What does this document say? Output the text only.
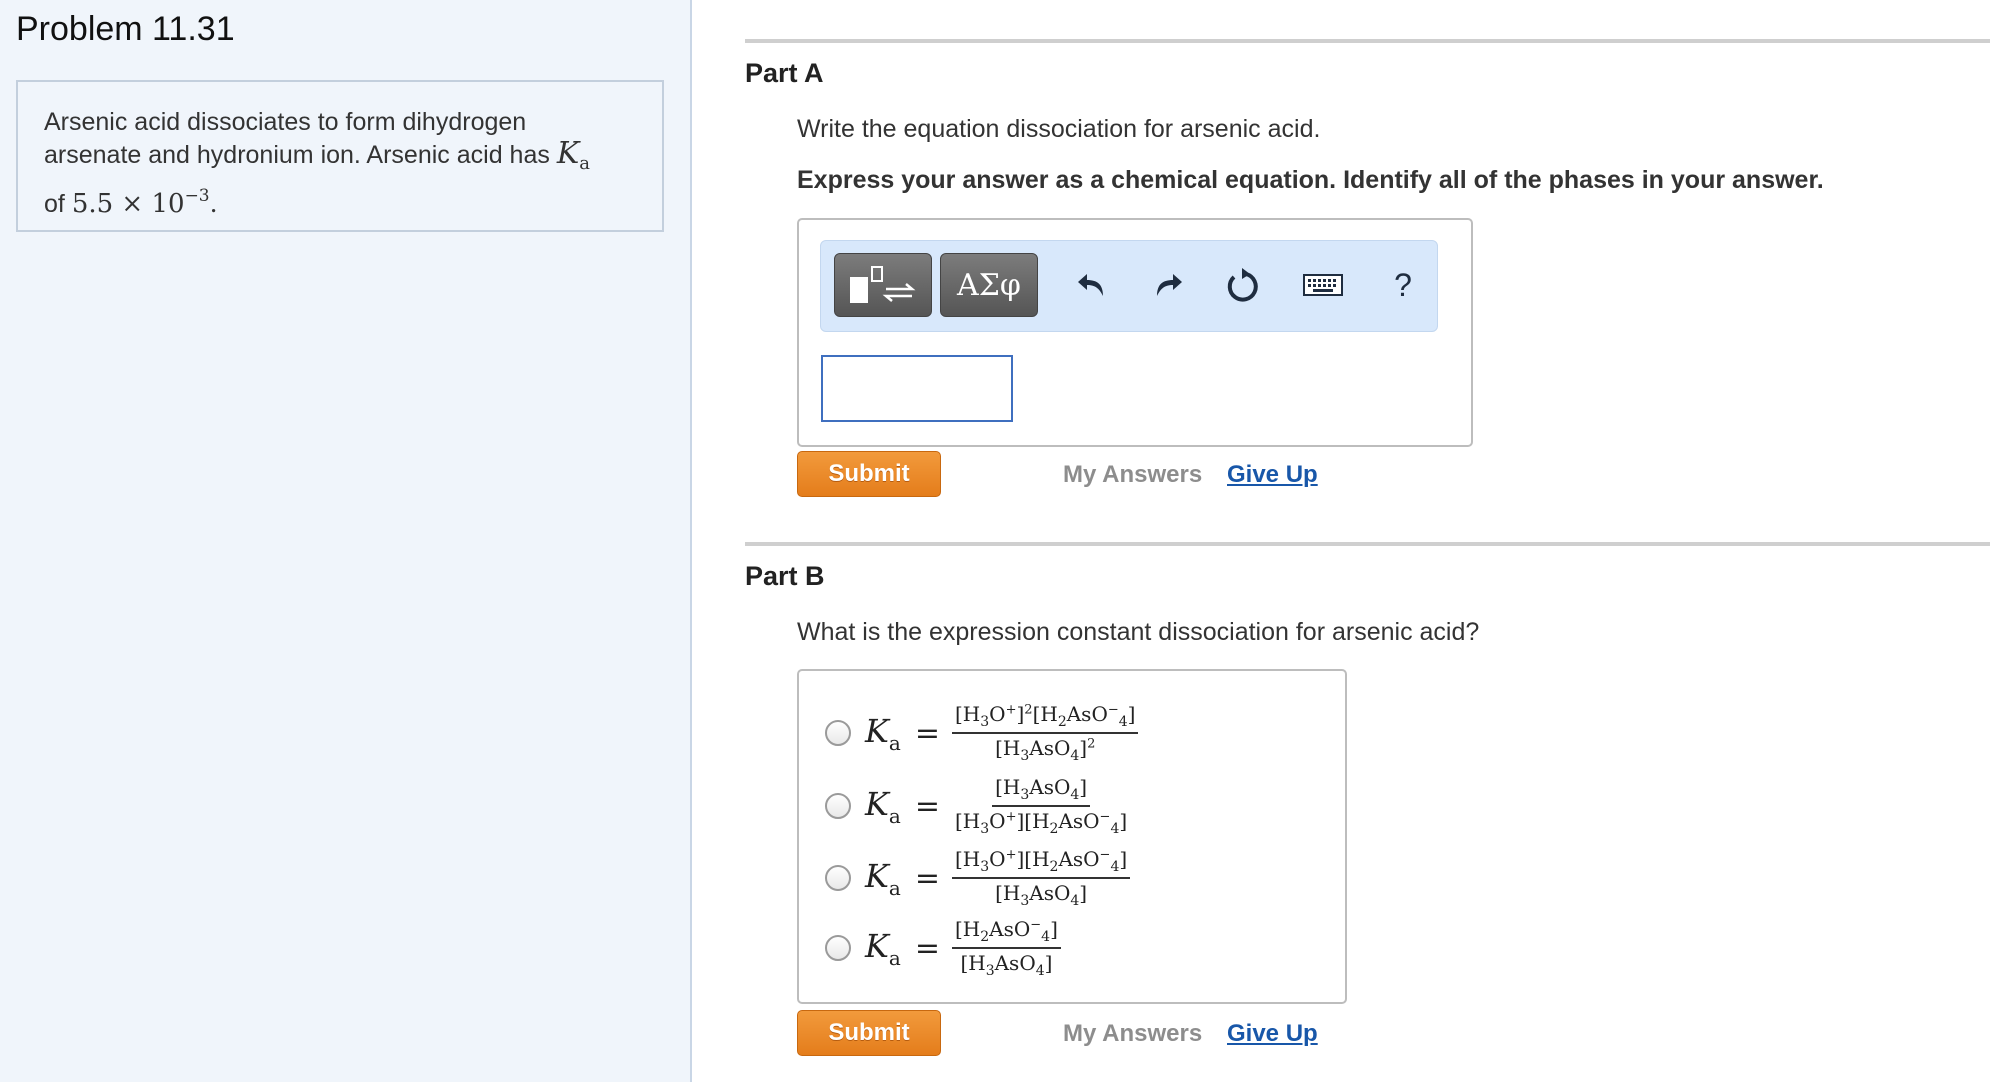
Problem 11.31
Arsenic acid dissociates to form dihydrogen
arsenate and hydronium ion. Arsenic acid has $K_a$
of $5.5 \times 10^{-3}$.
Part A
Write the equation dissociation for arsenic acid.
Express your answer as a chemical equation. Identify all of the phases in your answer.
ΑΣφ	?
Submit	My Answers Give Up
Part B
What is the expression constant dissociation for arsenic acid?
$K_a = \frac{[H_3O^+]^2[H_2AsO^-_4]}{[H_3AsO_4]^2}$
$K_a = \frac{[H_3AsO_4]}{[H_3O^+][H_2AsO^-_4]}$
$K_a = \frac{[H_3O^+][H_2AsO^-_4]}{[H_3AsO_4]}$
$K_a = \frac{[H_2AsO^-_4]}{[H_3AsO_4]}$
Submit	My Answers Give Up
